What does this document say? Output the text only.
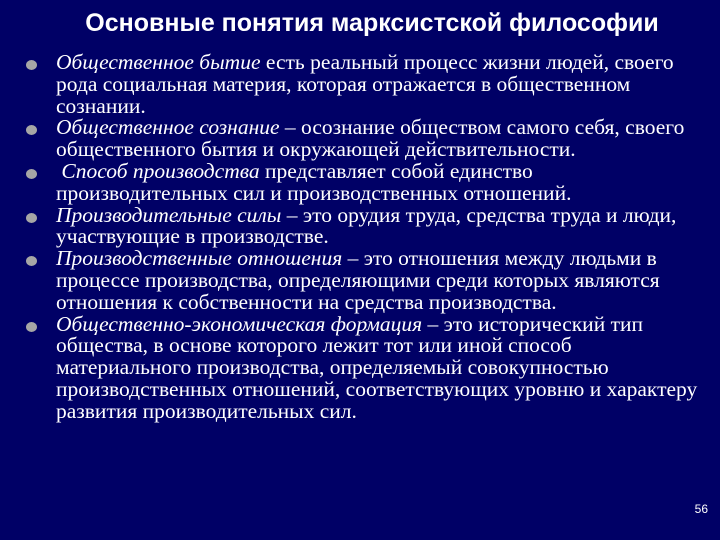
Основные понятия марксистской философии
Общественное бытие есть реальный процесс жизни людей, своего рода социальная материя, которая отражается в общественном сознании.
Общественное сознание – осознание обществом самого себя, своего общественного бытия и окружающей действительности.
Способ производства представляет собой единство производительных сил и производственных отношений.
Производительные силы – это орудия труда, средства труда и люди, участвующие в производстве.
Производственные отношения – это отношения между людьми в процессе производства, определяющими среди которых являются отношения к собственности на средства производства.
Общественно-экономическая формация – это исторический тип общества, в основе которого лежит тот или иной способ материального производства, определяемый совокупностью производственных отношений, соответствующих уровню и характеру развития производительных сил.
56
